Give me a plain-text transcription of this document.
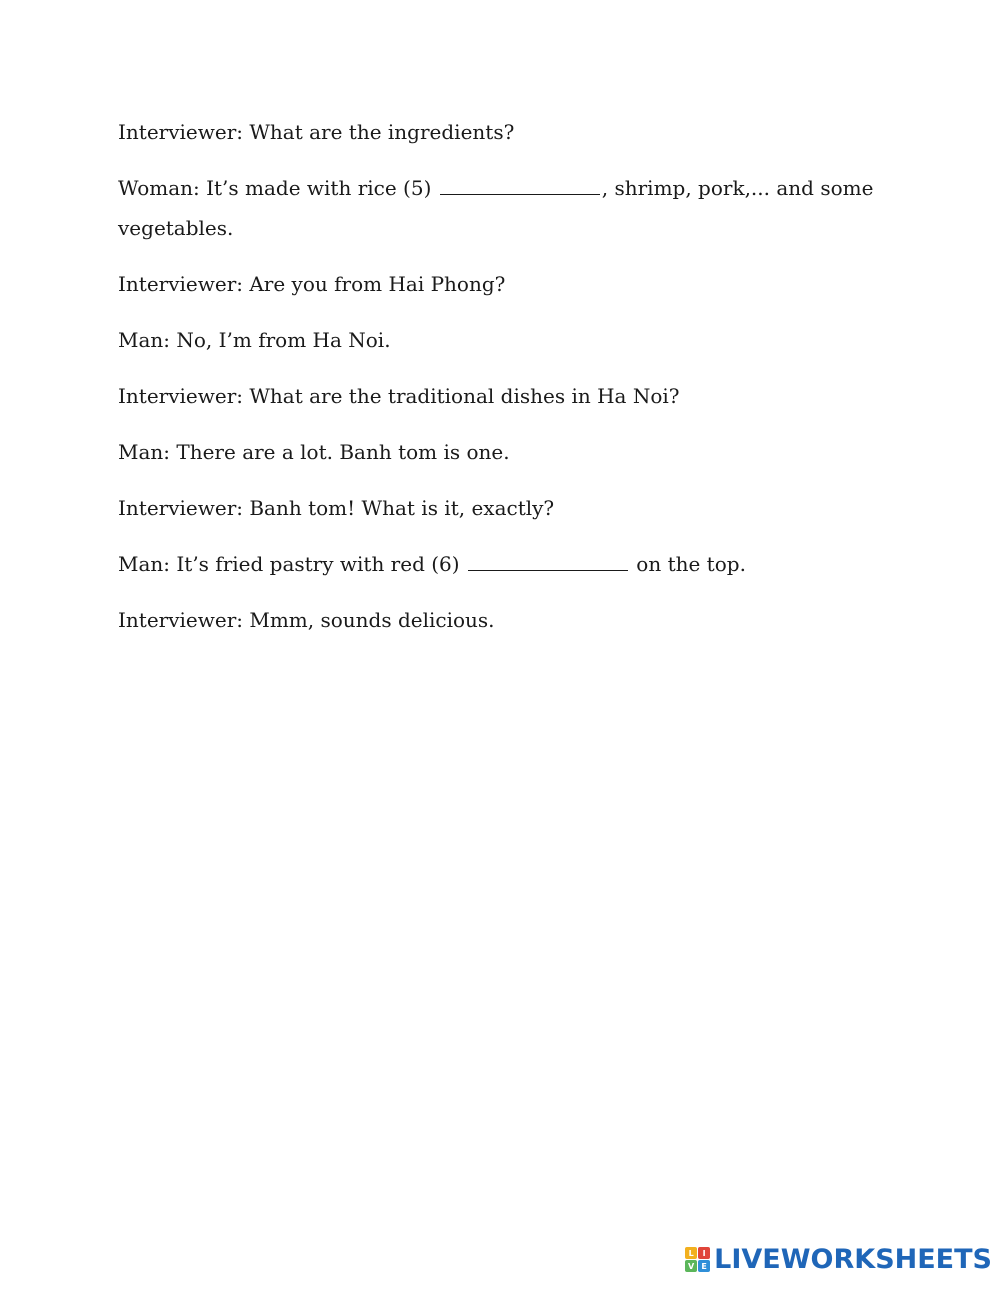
Interviewer: What are the ingredients?

Woman: It’s made with rice (5)	, shrimp, pork,... and some vegetables.

Interviewer: Are you from Hai Phong?

Man: No, I’m from Ha Noi.

Interviewer: What are the traditional dishes in Ha Noi?

Man: There are a lot. Banh tom is one.

Interviewer: Banh tom! What is it, exactly?

Man: It’s fried pastry with red (6)	on the top.

Interviewer: Mmm, sounds delicious.

L	I
V E LIVEWORKSHEETS
